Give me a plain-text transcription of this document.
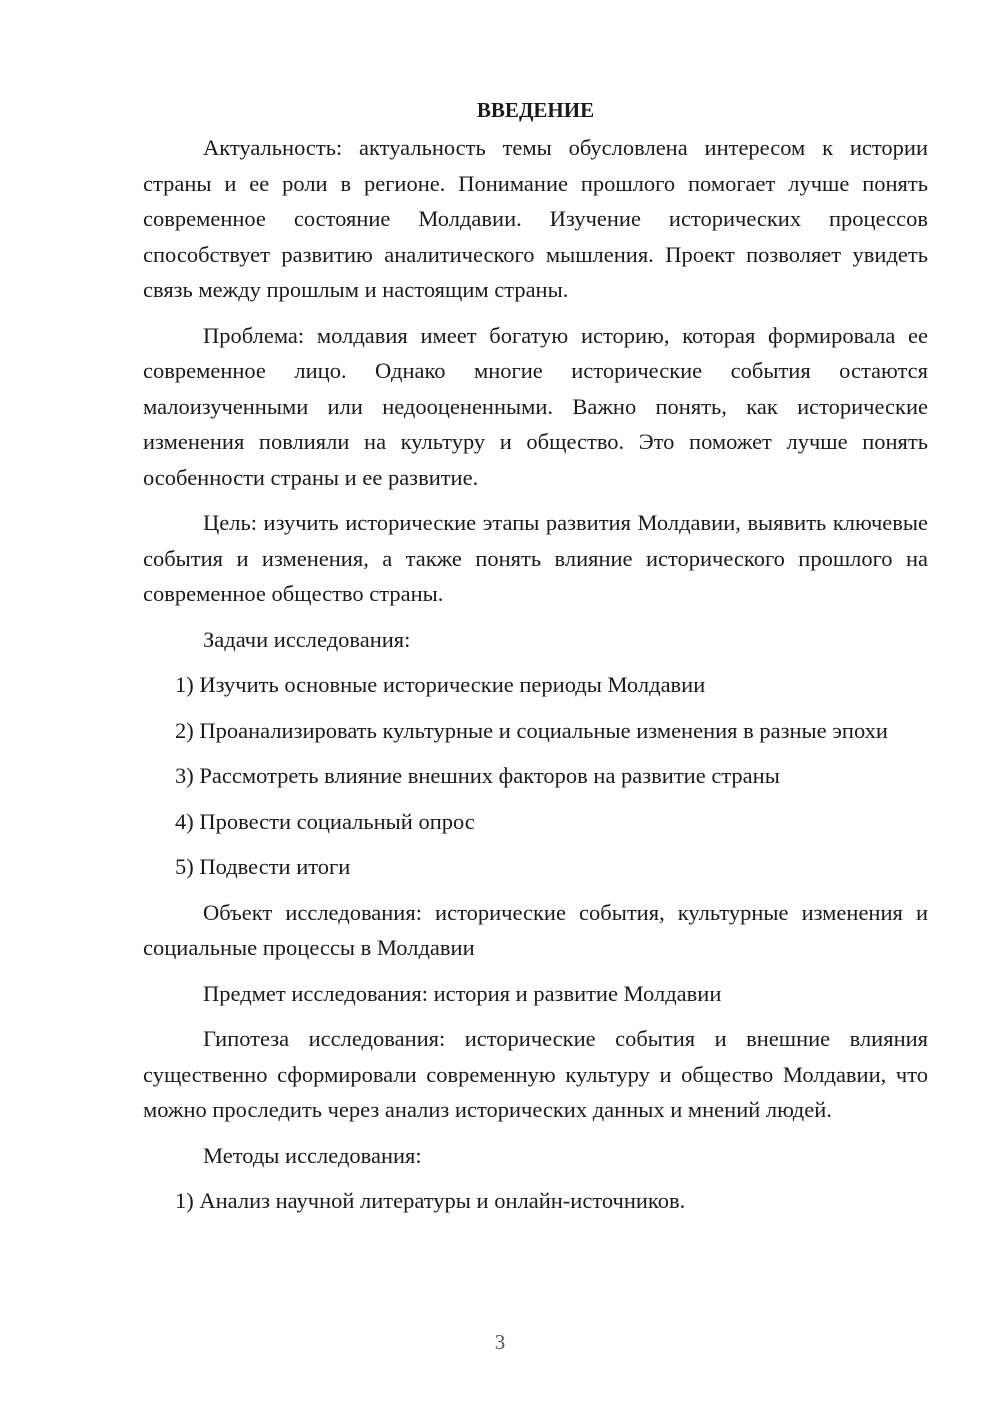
ВВЕДЕНИЕ

Актуальность: актуальность темы обусловлена интересом к истории страны и ее роли в регионе. Понимание прошлого помогает лучше понять современное состояние Молдавии. Изучение исторических процессов способствует развитию аналитического мышления. Проект позволяет увидеть связь между прошлым и настоящим страны.

Проблема: молдавия имеет богатую историю, которая формировала ее современное лицо. Однако многие исторические события остаются малоизученными или недооцененными. Важно понять, как исторические изменения повлияли на культуру и общество. Это поможет лучше понять особенности страны и ее развитие.

Цель: изучить исторические этапы развития Молдавии, выявить ключевые события и изменения, а также понять влияние исторического прошлого на современное общество страны.

Задачи исследования:

1) Изучить основные исторические периоды Молдавии

2) Проанализировать культурные и социальные изменения в разные эпохи

3) Рассмотреть влияние внешних факторов на развитие страны

4) Провести социальный опрос

5) Подвести итоги

Объект исследования: исторические события, культурные изменения и социальные процессы в Молдавии

Предмет исследования: история и развитие Молдавии

Гипотеза исследования: исторические события и внешние влияния существенно сформировали современную культуру и общество Молдавии, что можно проследить через анализ исторических данных и мнений людей.

Методы исследования:

1) Анализ научной литературы и онлайн-источников.

3
